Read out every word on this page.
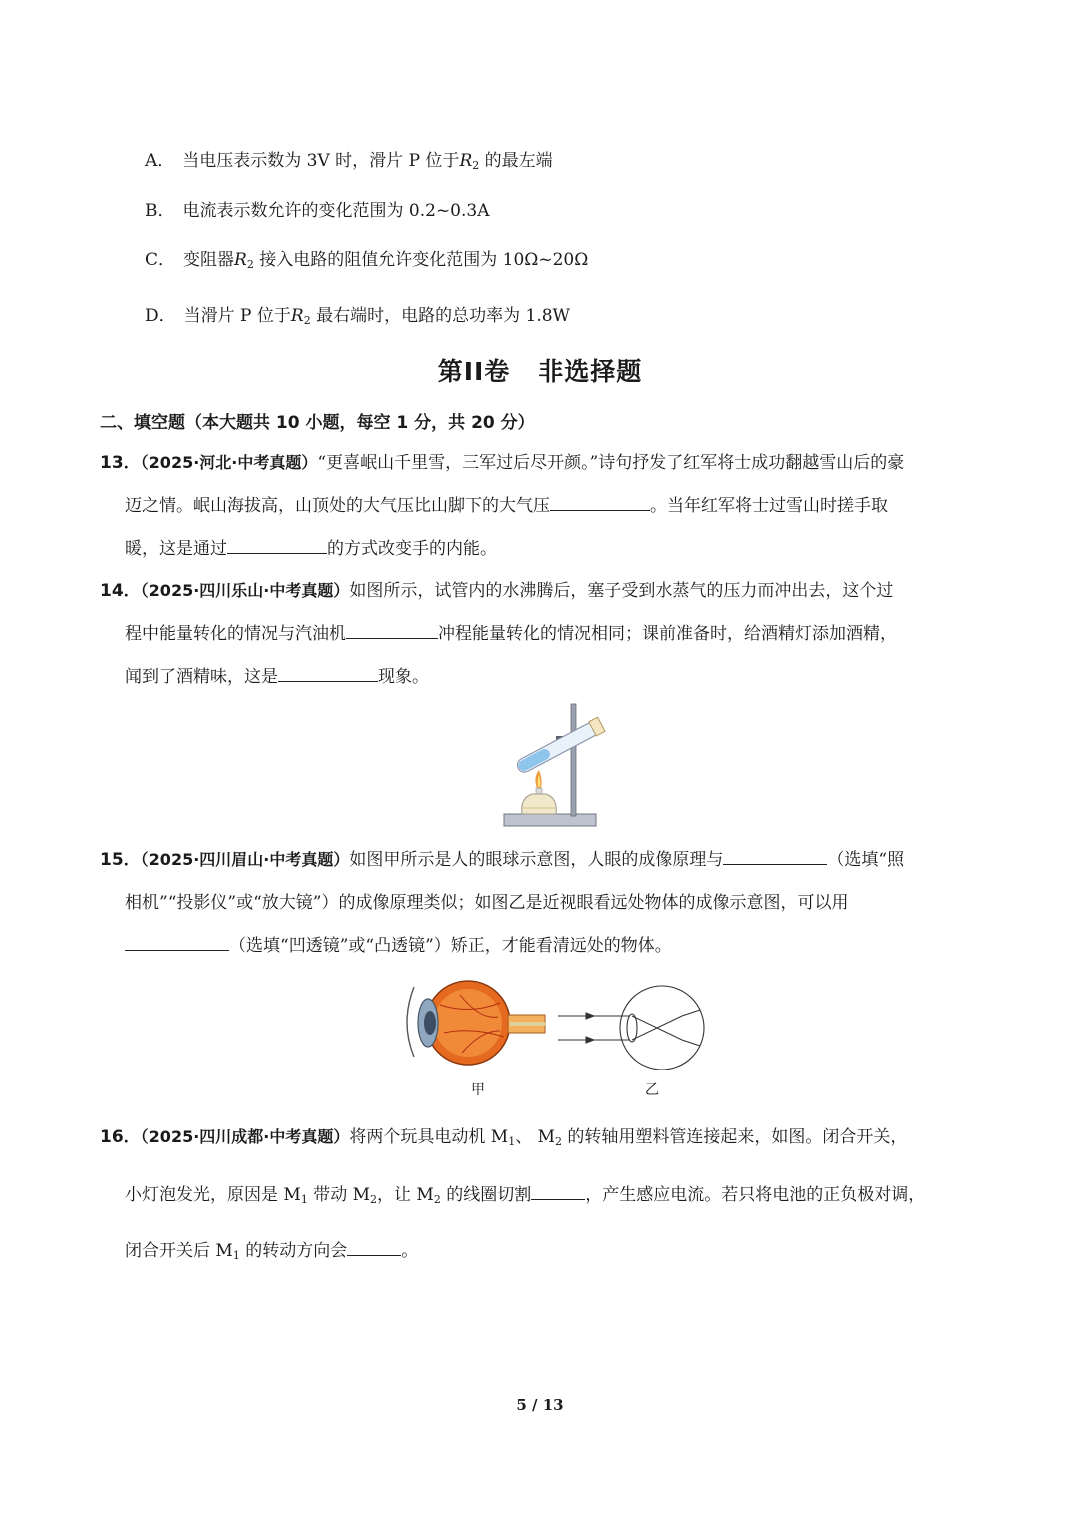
A． 当电压表示数为 3V 时，滑片 P 位于$R_2$ 的最左端
B． 电流表示数允许的变化范围为 0.2~0.3A
C． 变阻器$R_2$ 接入电路的阻值允许变化范围为 10Ω~20Ω
D． 当滑片 P 位于$R_2$ 最右端时，电路的总功率为 1.8W
第II卷 非选择题
二、填空题（本大题共 10 小题，每空 1 分，共 20 分）
13．（2025·河北·中考真题）“更喜岷山千里雪，三军过后尽开颜。”诗句抒发了红军将士成功翻越雪山后的豪
迈之情。岷山海拔高，山顶处的大气压比山脚下的大气压	。当年红军将士过雪山时搓手取
暖，这是通过	的方式改变手的内能。
14．（2025·四川乐山·中考真题）如图所示，试管内的水沸腾后，塞子受到水蒸气的压力而冲出去，这个过
程中能量转化的情况与汽油机	冲程能量转化的情况相同；课前准备时，给酒精灯添加酒精，
闻到了酒精味，这是	现象。
15．（2025·四川眉山·中考真题）如图甲所示是人的眼球示意图，人眼的成像原理与	（选填“照
相机”“投影仪”或“放大镜”）的成像原理类似；如图乙是近视眼看远处物体的成像示意图，可以用
（选填“凹透镜”或“凸透镜”）矫正，才能看清远处的物体。
甲	乙
16．（2025·四川成都·中考真题）将两个玩具电动机 $M_1$、 $M_2$ 的转轴用塑料管连接起来，如图。闭合开关，
小灯泡发光，原因是 $M_1$ 带动 $M_2$，让 $M_2$ 的线圈切割	，产生感应电流。若只将电池的正负极对调，
闭合开关后 $M_1$ 的转动方向会	。
5 / 13
